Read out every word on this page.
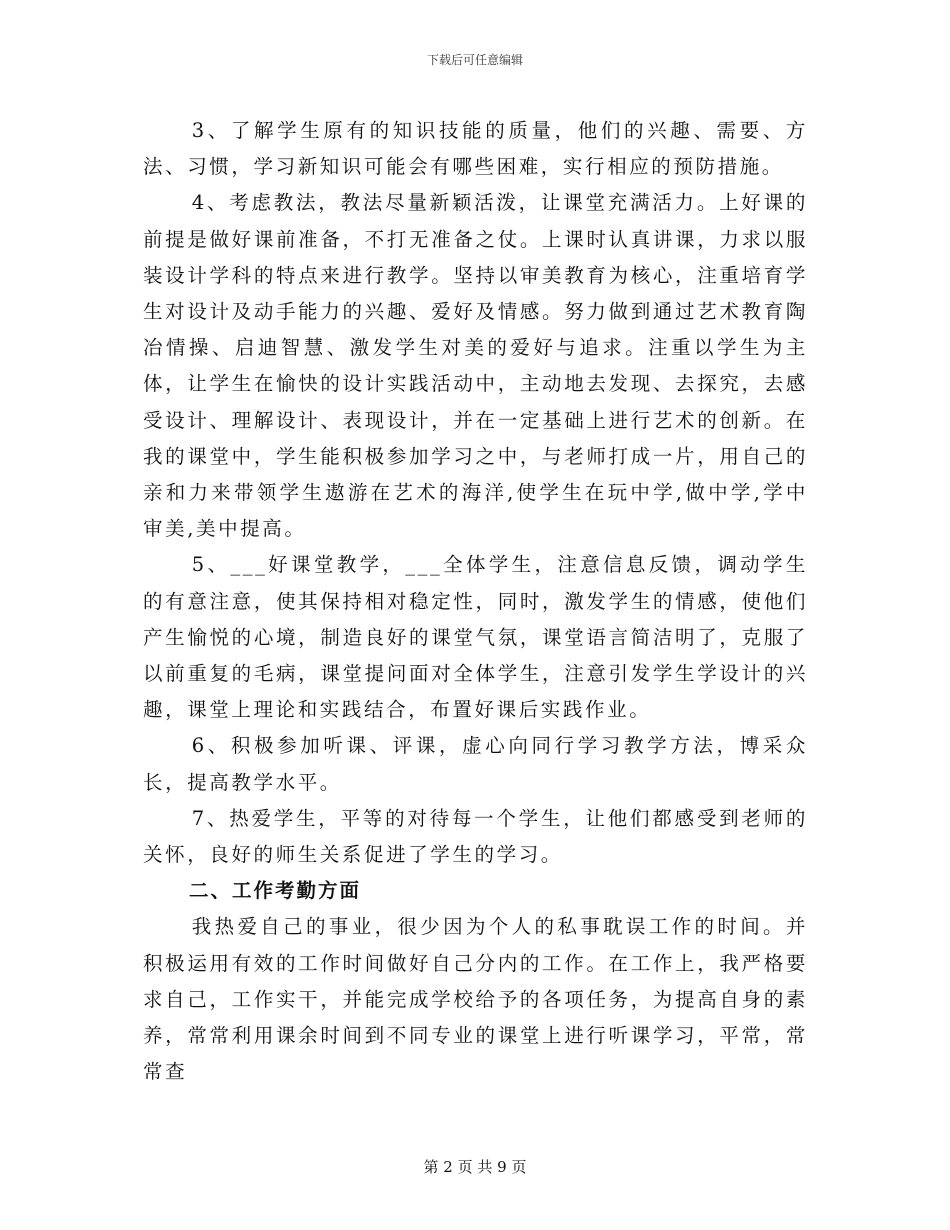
下载后可任意编辑

3、了解学生原有的知识技能的质量，他们的兴趣、需要、方法、习惯，学习新知识可能会有哪些困难，实行相应的预防措施。

4、考虑教法，教法尽量新颖活泼，让课堂充满活力。上好课的前提是做好课前准备，不打无准备之仗。上课时认真讲课，力求以服装设计学科的特点来进行教学。坚持以审美教育为核心，注重培育学生对设计及动手能力的兴趣、爱好及情感。努力做到通过艺术教育陶冶情操、启迪智慧、激发学生对美的爱好与追求。注重以学生为主体，让学生在愉快的设计实践活动中，主动地去发现、去探究，去感受设计、理解设计、表现设计，并在一定基础上进行艺术的创新。在我的课堂中，学生能积极参加学习之中，与老师打成一片，用自己的亲和力来带领学生遨游在艺术的海洋,使学生在玩中学,做中学,学中审美,美中提高。

5、___好课堂教学，___全体学生，注意信息反馈，调动学生的有意注意，使其保持相对稳定性，同时，激发学生的情感，使他们产生愉悦的心境，制造良好的课堂气氛，课堂语言简洁明了，克服了以前重复的毛病，课堂提问面对全体学生，注意引发学生学设计的兴趣，课堂上理论和实践结合，布置好课后实践作业。

6、积极参加听课、评课，虚心向同行学习教学方法，博采众长，提高教学水平。

7、热爱学生，平等的对待每一个学生，让他们都感受到老师的关怀，良好的师生关系促进了学生的学习。

二、工作考勤方面

我热爱自己的事业，很少因为个人的私事耽误工作的时间。并积极运用有效的工作时间做好自己分内的工作。在工作上，我严格要求自己，工作实干，并能完成学校给予的各项任务，为提高自身的素养，常常利用课余时间到不同专业的课堂上进行听课学习，平常，常常查

第 2 页 共 9 页
